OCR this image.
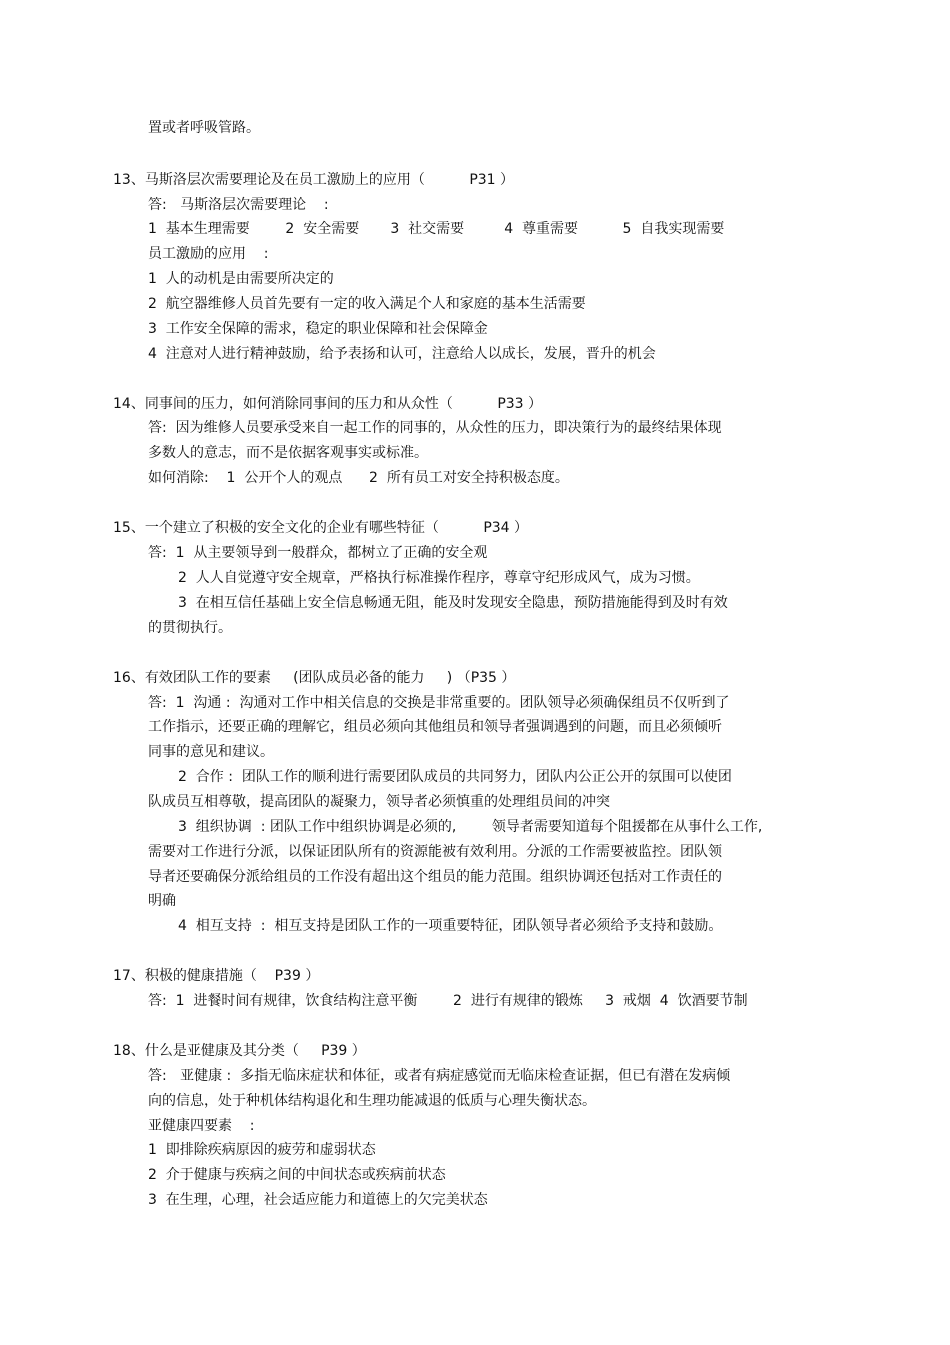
置或者呼吸管路。
13、马斯洛层次需要理论及在员工激励上的应用（          P31 ）
答:   马斯洛层次需要理论    :
1  基本生理需要        2  安全需要       3  社交需要         4  尊重需要          5  自我实现需要
员工激励的应用    :
1  人的动机是由需要所决定的
2  航空器维修人员首先要有一定的收入满足个人和家庭的基本生活需要
3  工作安全保障的需求，稳定的职业保障和社会保障金
4  注意对人进行精神鼓励，给予表扬和认可，注意给人以成长，发展，晋升的机会
14、同事间的压力，如何消除同事间的压力和从众性（          P33 ）
答:  因为维修人员要承受来自一起工作的同事的，从众性的压力，即决策行为的最终结果体现
多数人的意志，而不是依据客观事实或标准。
如何消除:    1  公开个人的观点      2  所有员工对安全持积极态度。
15、一个建立了积极的安全文化的企业有哪些特征（          P34 ）
答:  1  从主要领导到一般群众，都树立了正确的安全观
2  人人自觉遵守安全规章，严格执行标准操作程序，尊章守纪形成风气，成为习惯。
3  在相互信任基础上安全信息畅通无阻，能及时发现安全隐患，预防措施能得到及时有效
的贯彻执行。
16、有效团队工作的要素     (团队成员必备的能力     ) （P35 ）
答:  1  沟通 :  沟通对工作中相关信息的交换是非常重要的。团队领导必须确保组员不仅听到了
工作指示，还要正确的理解它，组员必须向其他组员和领导者强调遇到的问题，而且必须倾听
同事的意见和建议。
2  合作 :  团队工作的顺利进行需要团队成员的共同努力，团队内公正公开的氛围可以使团
队成员互相尊敬，提高团队的凝聚力，领导者必须慎重的处理组员间的冲突
3  组织协调  : 团队工作中组织协调是必须的,        领导者需要知道每个阻援都在从事什么工作,
需要对工作进行分派，以保证团队所有的资源能被有效利用。分派的工作需要被监控。团队领
导者还要确保分派给组员的工作没有超出这个组员的能力范围。组织协调还包括对工作责任的
明确
4  相互支持  :  相互支持是团队工作的一项重要特征，团队领导者必须给予支持和鼓励。
17、积极的健康措施（    P39 ）
答:  1  进餐时间有规律，饮食结构注意平衡        2  进行有规律的锻炼     3  戒烟  4  饮酒要节制
18、什么是亚健康及其分类（     P39 ）
答:   亚健康 :  多指无临床症状和体征，或者有病症感觉而无临床检查证据，但已有潜在发病倾
向的信息，处于种机体结构退化和生理功能减退的低质与心理失衡状态。
亚健康四要素    :
1  即排除疾病原因的疲劳和虚弱状态
2  介于健康与疾病之间的中间状态或疾病前状态
3  在生理，心理，社会适应能力和道德上的欠完美状态
